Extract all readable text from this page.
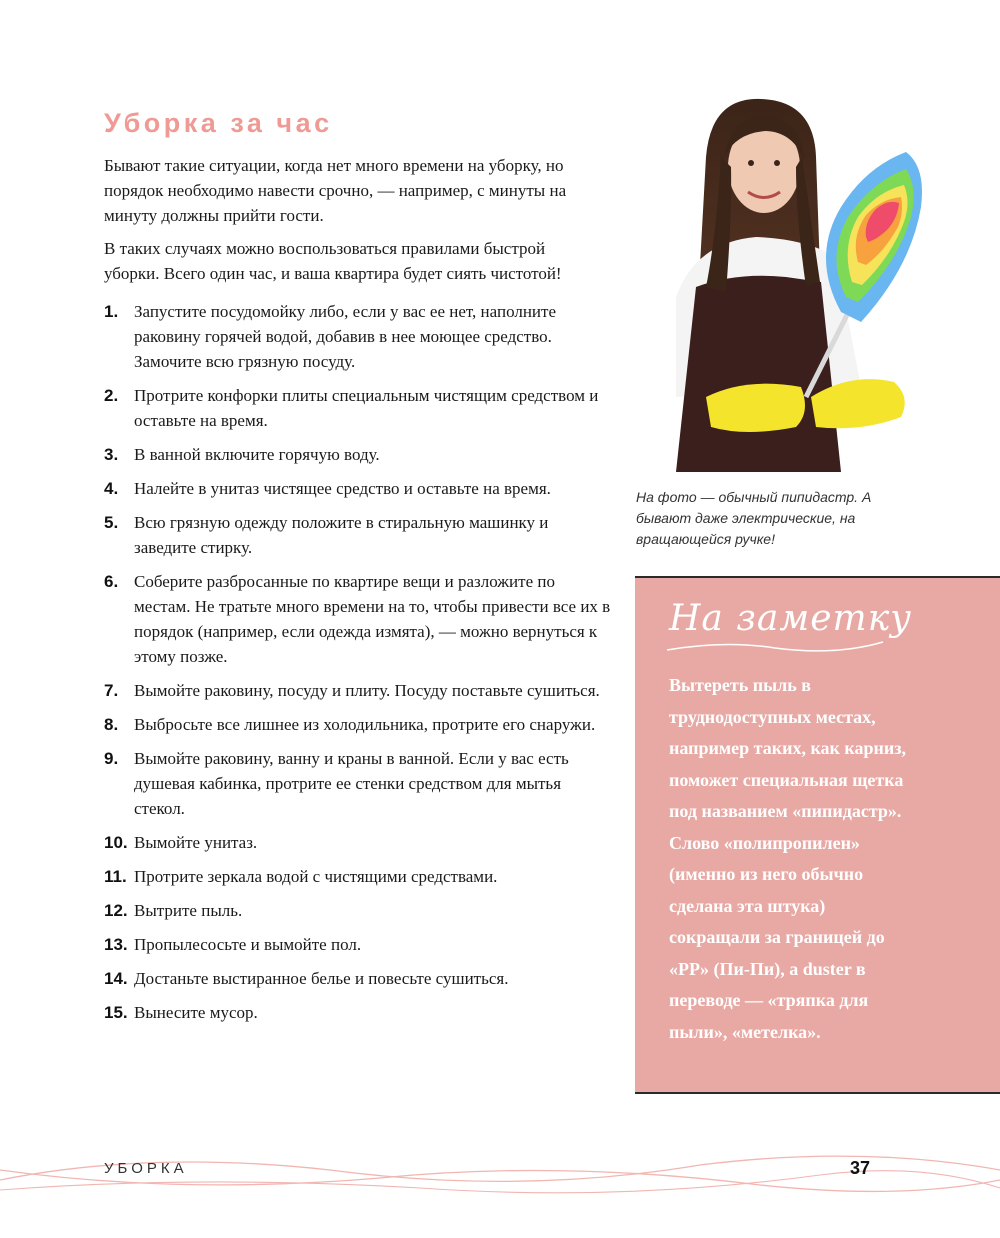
Уборка за час

Бывают такие ситуации, когда нет много времени на уборку, но порядок необходимо навести срочно, — например, с минуты на минуту должны прийти гости.

В таких случаях можно воспользоваться правилами быстрой уборки. Всего один час, и ваша квартира будет сиять чистотой!

1. Запустите посудомойку либо, если у вас ее нет, наполните раковину горячей водой, добавив в нее моющее средство. Замочите всю грязную посуду.
2. Протрите конфорки плиты специальным чистящим средством и оставьте на время.
3. В ванной включите горячую воду.
4. Налейте в унитаз чистящее средство и оставьте на время.
5. Всю грязную одежду положите в стиральную машинку и заведите стирку.
6. Соберите разбросанные по квартире вещи и разложите по местам. Не тратьте много времени на то, чтобы привести все их в порядок (например, если одежда измята), — можно вернуться к этому позже.
7. Вымойте раковину, посуду и плиту. Посуду поставьте сушиться.
8. Выбросьте все лишнее из холодильника, протрите его снаружи.
9. Вымойте раковину, ванну и краны в ванной. Если у вас есть душевая кабинка, протрите ее стенки средством для мытья стекол.
10. Вымойте унитаз.
11. Протрите зеркала водой с чистящими средствами.
12. Вытрите пыль.
13. Пропылесосьте и вымойте пол.
14. Достаньте выстиранное белье и повесьте сушиться.
15. Вынесите мусор.

На фото — обычный пипидастр. А бывают даже электрические, на вращающейся ручке!

На заметку

Вытереть пыль в труднодоступных местах, например таких, как карниз, поможет специальная щетка под названием «пипидастр». Слово «полипропилен» (именно из него обычно сделана эта штука) сокращали за границей до «PP» (Пи-Пи), а duster в переводе — «тряпка для пыли», «метелка».

УБОРКА	37
